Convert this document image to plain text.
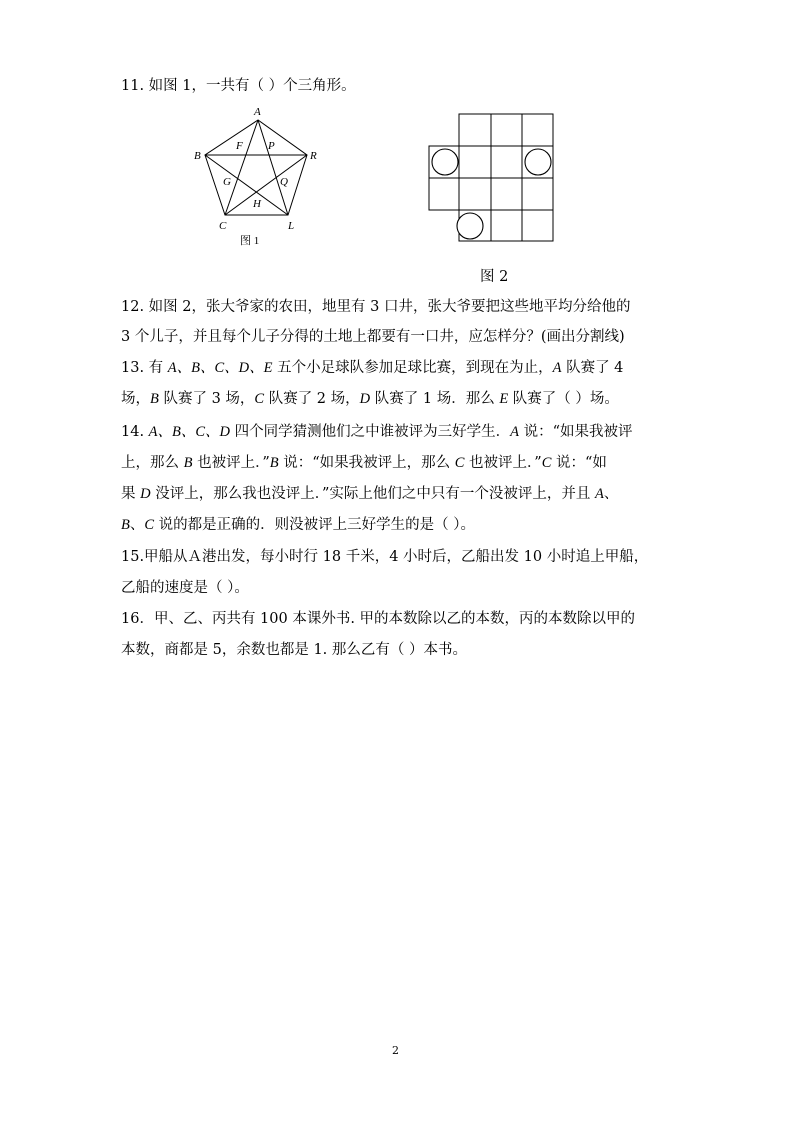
11. 如图 1，一共有（ ）个三角形。
A
B	R
C	L
F P
G	Q
H
图 1
图 2
12. 如图 2，张大爷家的农田，地里有 3 口井，张大爷要把这些地平均分给他的
3 个儿子，并且每个儿子分得的土地上都要有一口井，应怎样分？(画出分割线)
13. 有 A、B、C、D、E 五个小足球队参加足球比赛，到现在为止，A 队赛了 4
场，B 队赛了 3 场，C 队赛了 2 场，D 队赛了 1 场．那么 E 队赛了（ ）场。
14. A、B、C、D 四个同学猜测他们之中谁被评为三好学生．A 说：“如果我被评
上，那么 B 也被评上．”B 说：“如果我被评上，那么 C 也被评上．”C 说：“如
果 D 没评上，那么我也没评上．”实际上他们之中只有一个没被评上，并且 A、
B、C 说的都是正确的．则没被评上三好学生的是（ ）。
15.甲船从Ａ港出发，每小时行 18 千米，4 小时后，乙船出发 10 小时追上甲船，
乙船的速度是（ ）。
16．甲、乙、丙共有 100 本课外书. 甲的本数除以乙的本数，丙的本数除以甲的
本数，商都是 5，余数也都是 1. 那么乙有（ ）本书。
2
